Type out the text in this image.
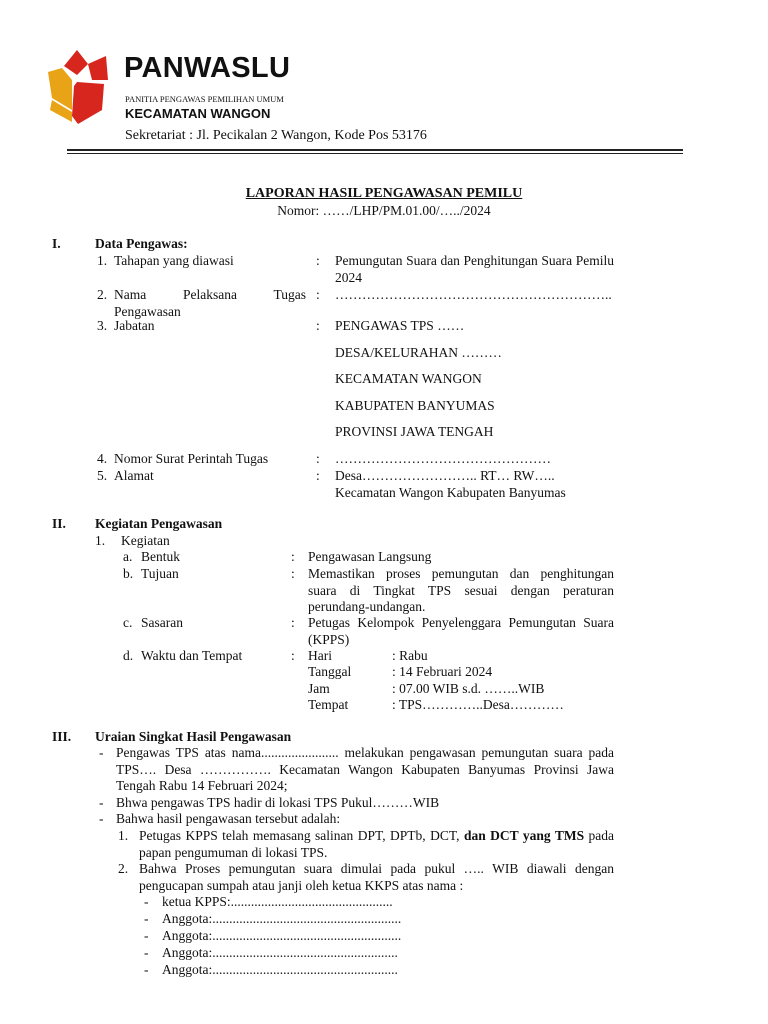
PANWASLU
PANITIA PENGAWAS PEMILIHAN UMUM
KECAMATAN WANGON
Sekretariat : Jl. Pecikalan 2 Wangon, Kode Pos 53176
LAPORAN HASIL PENGAWASAN PEMILU
Nomor: ……/LHP/PM.01.00/…../2024
I.	Data Pengawas:
1. Tahapan yang diawasi	: Pemungutan Suara dan Penghitungan Suara Pemilu 2024
2. Nama Pelaksana Tugas Pengawasan
: ……………………………………………………..
3. Jabatan	: PENGAWAS TPS ……
DESA/KELURAHAN ………
KECAMATAN WANGON
KABUPATEN BANYUMAS
PROVINSI JAWA TENGAH
4. Nomor Surat Perintah Tugas	: …………………………………………
5. Alamat	: Desa…………………….. RT… RW…..
Kecamatan Wangon Kabupaten Banyumas
II. Kegiatan Pengawasan
1. Kegiatan
a. Bentuk	: Pengawasan Langsung
b. Tujuan	: Memastikan proses pemungutan dan penghitungan suara di Tingkat TPS sesuai dengan peraturan perundang-undangan.
c. Sasaran	: Petugas Kelompok Penyelenggara Pemungutan Suara (KPPS)
d. Waktu dan Tempat	: Hari	: Rabu
Tanggal	: 14 Februari 2024
Jam	: 07.00 WIB s.d. ……..WIB
Tempat	: TPS…………..Desa…………
III. Uraian Singkat Hasil Pengawasan
- Pengawas TPS atas nama....................... melakukan pengawasan pemungutan suara pada TPS…. Desa ……………. Kecamatan Wangon Kabupaten Banyumas Provinsi Jawa Tengah Rabu 14 Februari 2024;
- Bhwa pengawas TPS hadir di lokasi TPS Pukul………WIB
- Bahwa hasil pengawasan tersebut adalah:
1. Petugas KPPS telah memasang salinan DPT, DPTb, DCT, dan DCT yang TMS pada papan pengumuman di lokasi TPS.
2. Bahwa Proses pemungutan suara dimulai pada pukul ….. WIB diawali dengan pengucapan sumpah atau janji oleh ketua KKPS atas nama :
- ketua KPPS:................................................
- Anggota:........................................................
- Anggota:........................................................
- Anggota:.......................................................
- Anggota:.......................................................
